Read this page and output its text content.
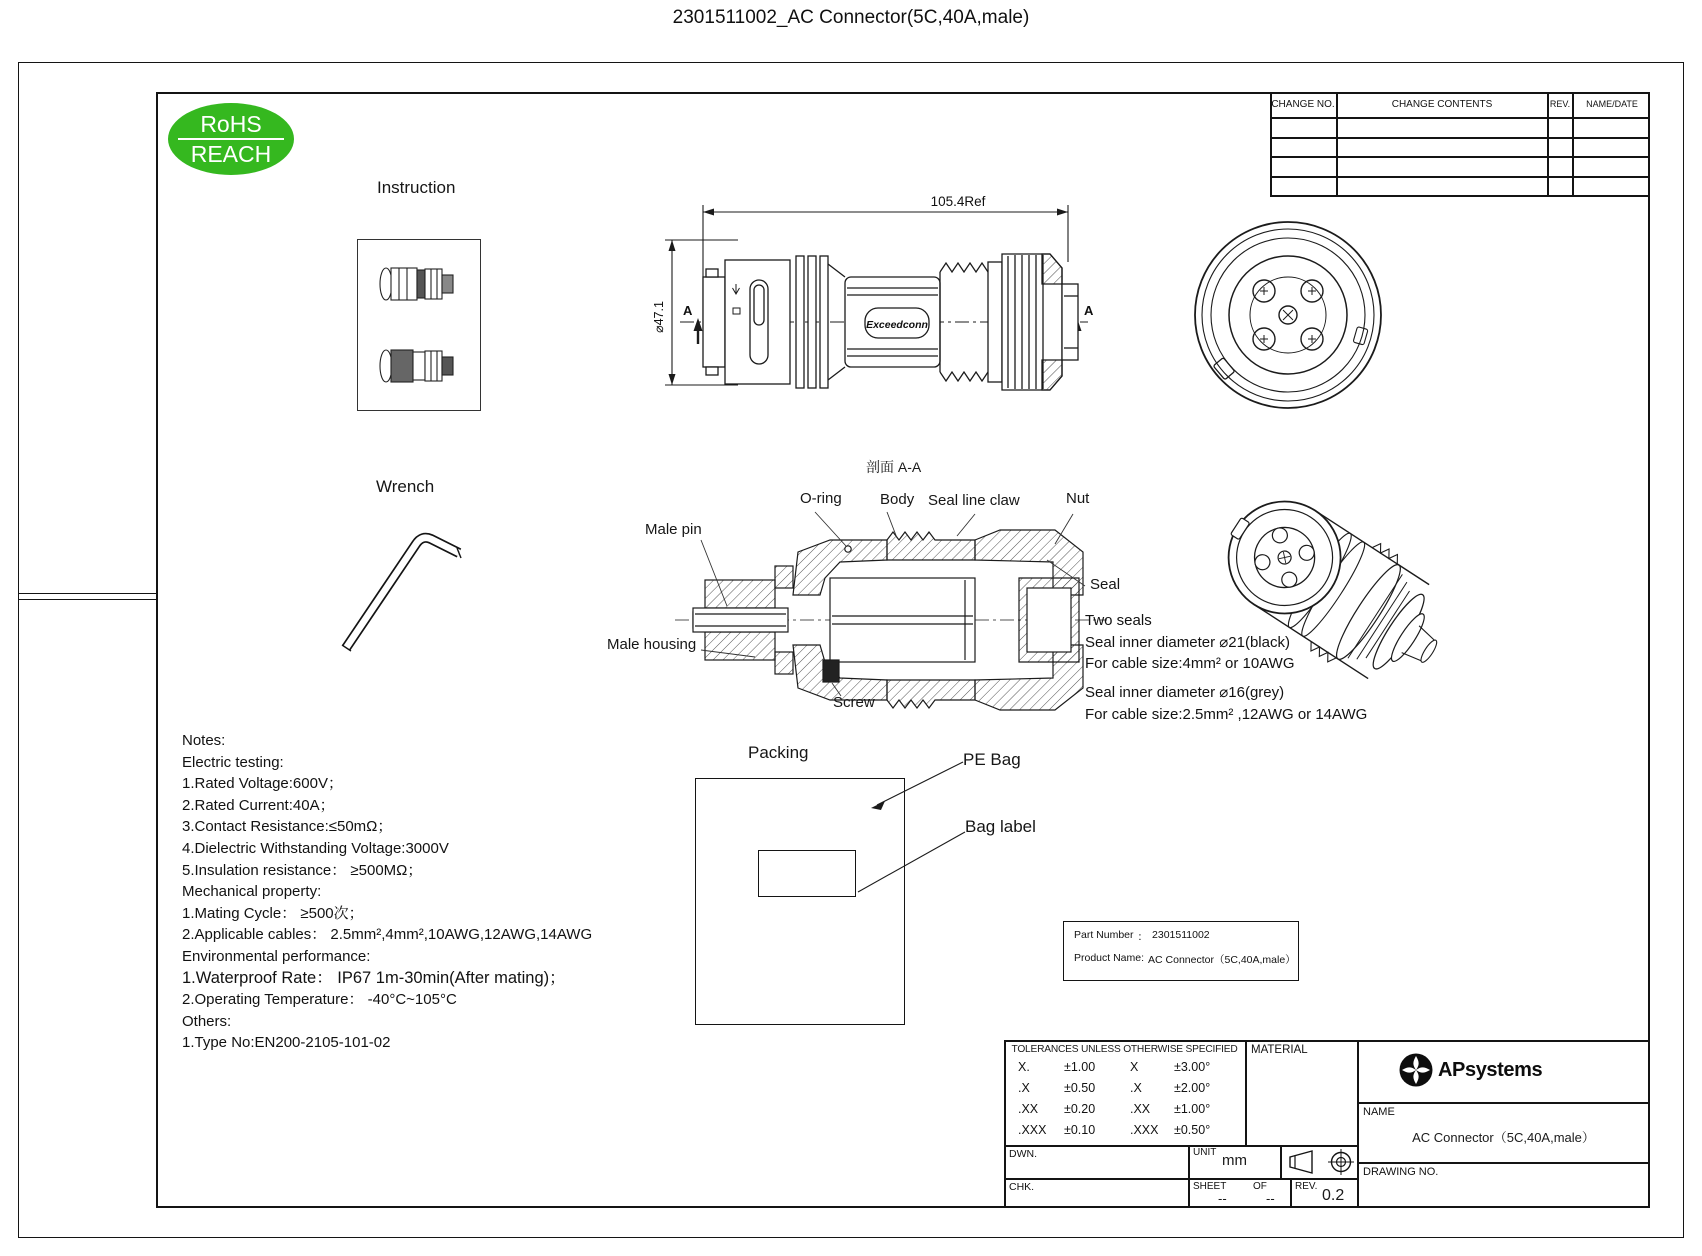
2301511002_AC Connector(5C,40A,male)
RoHS
REACH
CHANGE NO.	CHANGE CONTENTS	REV. NAME/DATE
Instruction
Wrench
105.4Ref
⌀47.1 A	A
Exceedconn
剖面 A-A
O-ring	Body Seal line claw	Nut
Male pin
Male housing
Screw
Seal
Two seals
Seal inner diameter ⌀21(black)
For cable size:4mm² or 10AWG
Seal inner diameter ⌀16(grey)
For cable size:2.5mm² ,12AWG or 14AWG
Notes:
Electric testing:
1.Rated Voltage:600V；
2.Rated Current:40A；
3.Contact Resistance:≤50mΩ；
4.Dielectric Withstanding Voltage:3000V
5.Insulation resistance： ≥500MΩ；
Mechanical property:
1.Mating Cycle： ≥500次；
2.Applicable cables： 2.5mm²,4mm²,10AWG,12AWG,14AWG
Environmental performance:
1.Waterproof Rate： IP67 1m-30min(After mating)；
2.Operating Temperature： -40°C~105°C
Others:
1.Type No:EN200-2105-101-02
Packing	PE Bag
Bag label
Part Number ： 2301511002
Product Name: AC Connector（5C,40A,male）
TOLERANCES UNLESS OTHERWISE SPECIFIED
X.	±1.00	X	±3.00°
.X	±0.50	.X	±2.00°
.XX	±0.20	.XX	±1.00°
.XXX	±0.10	.XXX	±0.50°
MATERIAL
DWN.
CHK.
UNIT mm
SHEET	OF
--	--
REV.
0.2
APsystems
NAME
AC Connector（5C,40A,male）
DRAWING NO.
